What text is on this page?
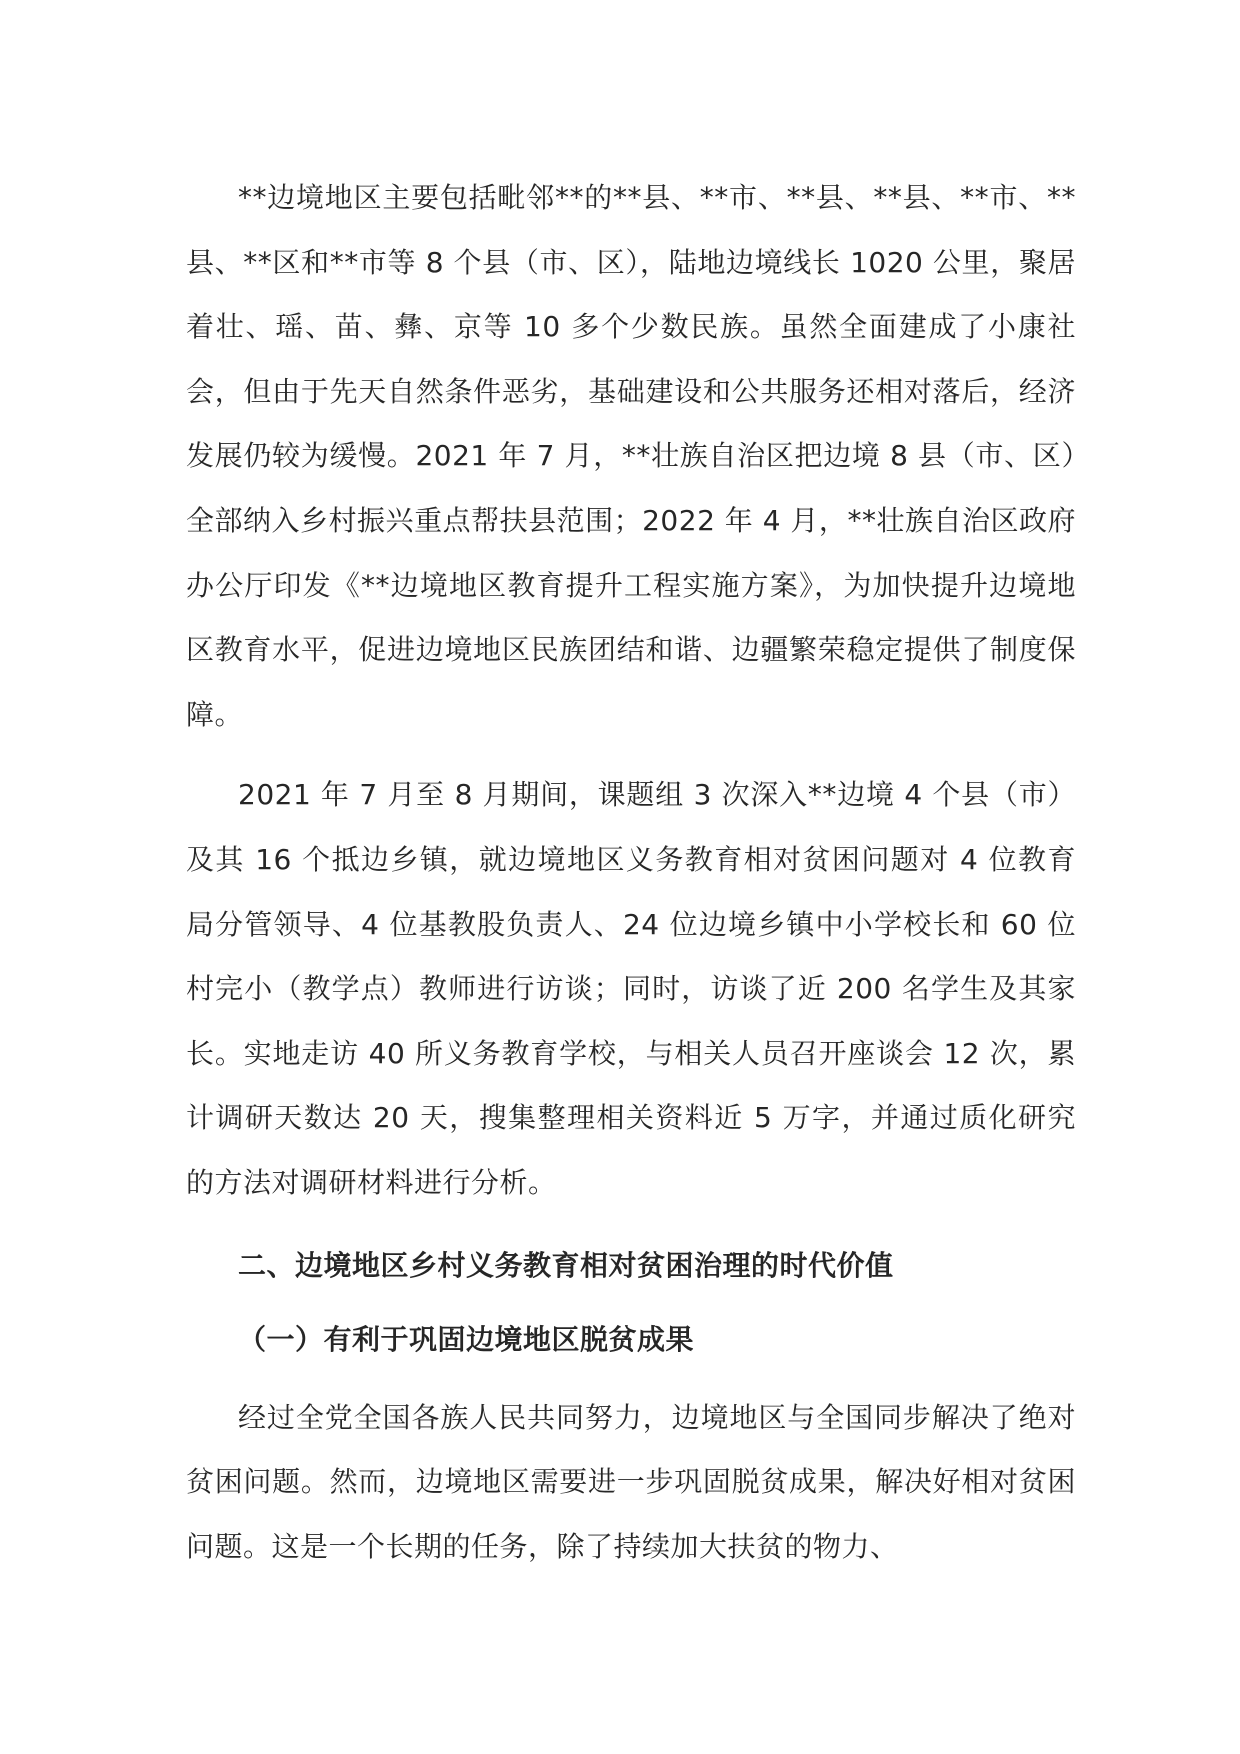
**边境地区主要包括毗邻**的**县、**市、**县、**县、**市、**县、**区和**市等 8 个县（市、区），陆地边境线长 1020 公里，聚居着壮、瑶、苗、彝、京等 10 多个少数民族。虽然全面建成了小康社会，但由于先天自然条件恶劣，基础建设和公共服务还相对落后，经济发展仍较为缓慢。2021 年 7 月，**壮族自治区把边境 8 县（市、区）全部纳入乡村振兴重点帮扶县范围；2022 年 4 月，**壮族自治区政府办公厅印发《**边境地区教育提升工程实施方案》，为加快提升边境地区教育水平，促进边境地区民族团结和谐、边疆繁荣稳定提供了制度保障。

2021 年 7 月至 8 月期间，课题组 3 次深入**边境 4 个县（市）及其 16 个抵边乡镇，就边境地区义务教育相对贫困问题对 4 位教育局分管领导、4 位基教股负责人、24 位边境乡镇中小学校长和 60 位村完小（教学点）教师进行访谈；同时，访谈了近 200 名学生及其家长。实地走访 40 所义务教育学校，与相关人员召开座谈会 12 次，累计调研天数达 20 天，搜集整理相关资料近 5 万字，并通过质化研究的方法对调研材料进行分析。

二、边境地区乡村义务教育相对贫困治理的时代价值

（一）有利于巩固边境地区脱贫成果

经过全党全国各族人民共同努力，边境地区与全国同步解决了绝对贫困问题。然而，边境地区需要进一步巩固脱贫成果，解决好相对贫困问题。这是一个长期的任务，除了持续加大扶贫的物力、
